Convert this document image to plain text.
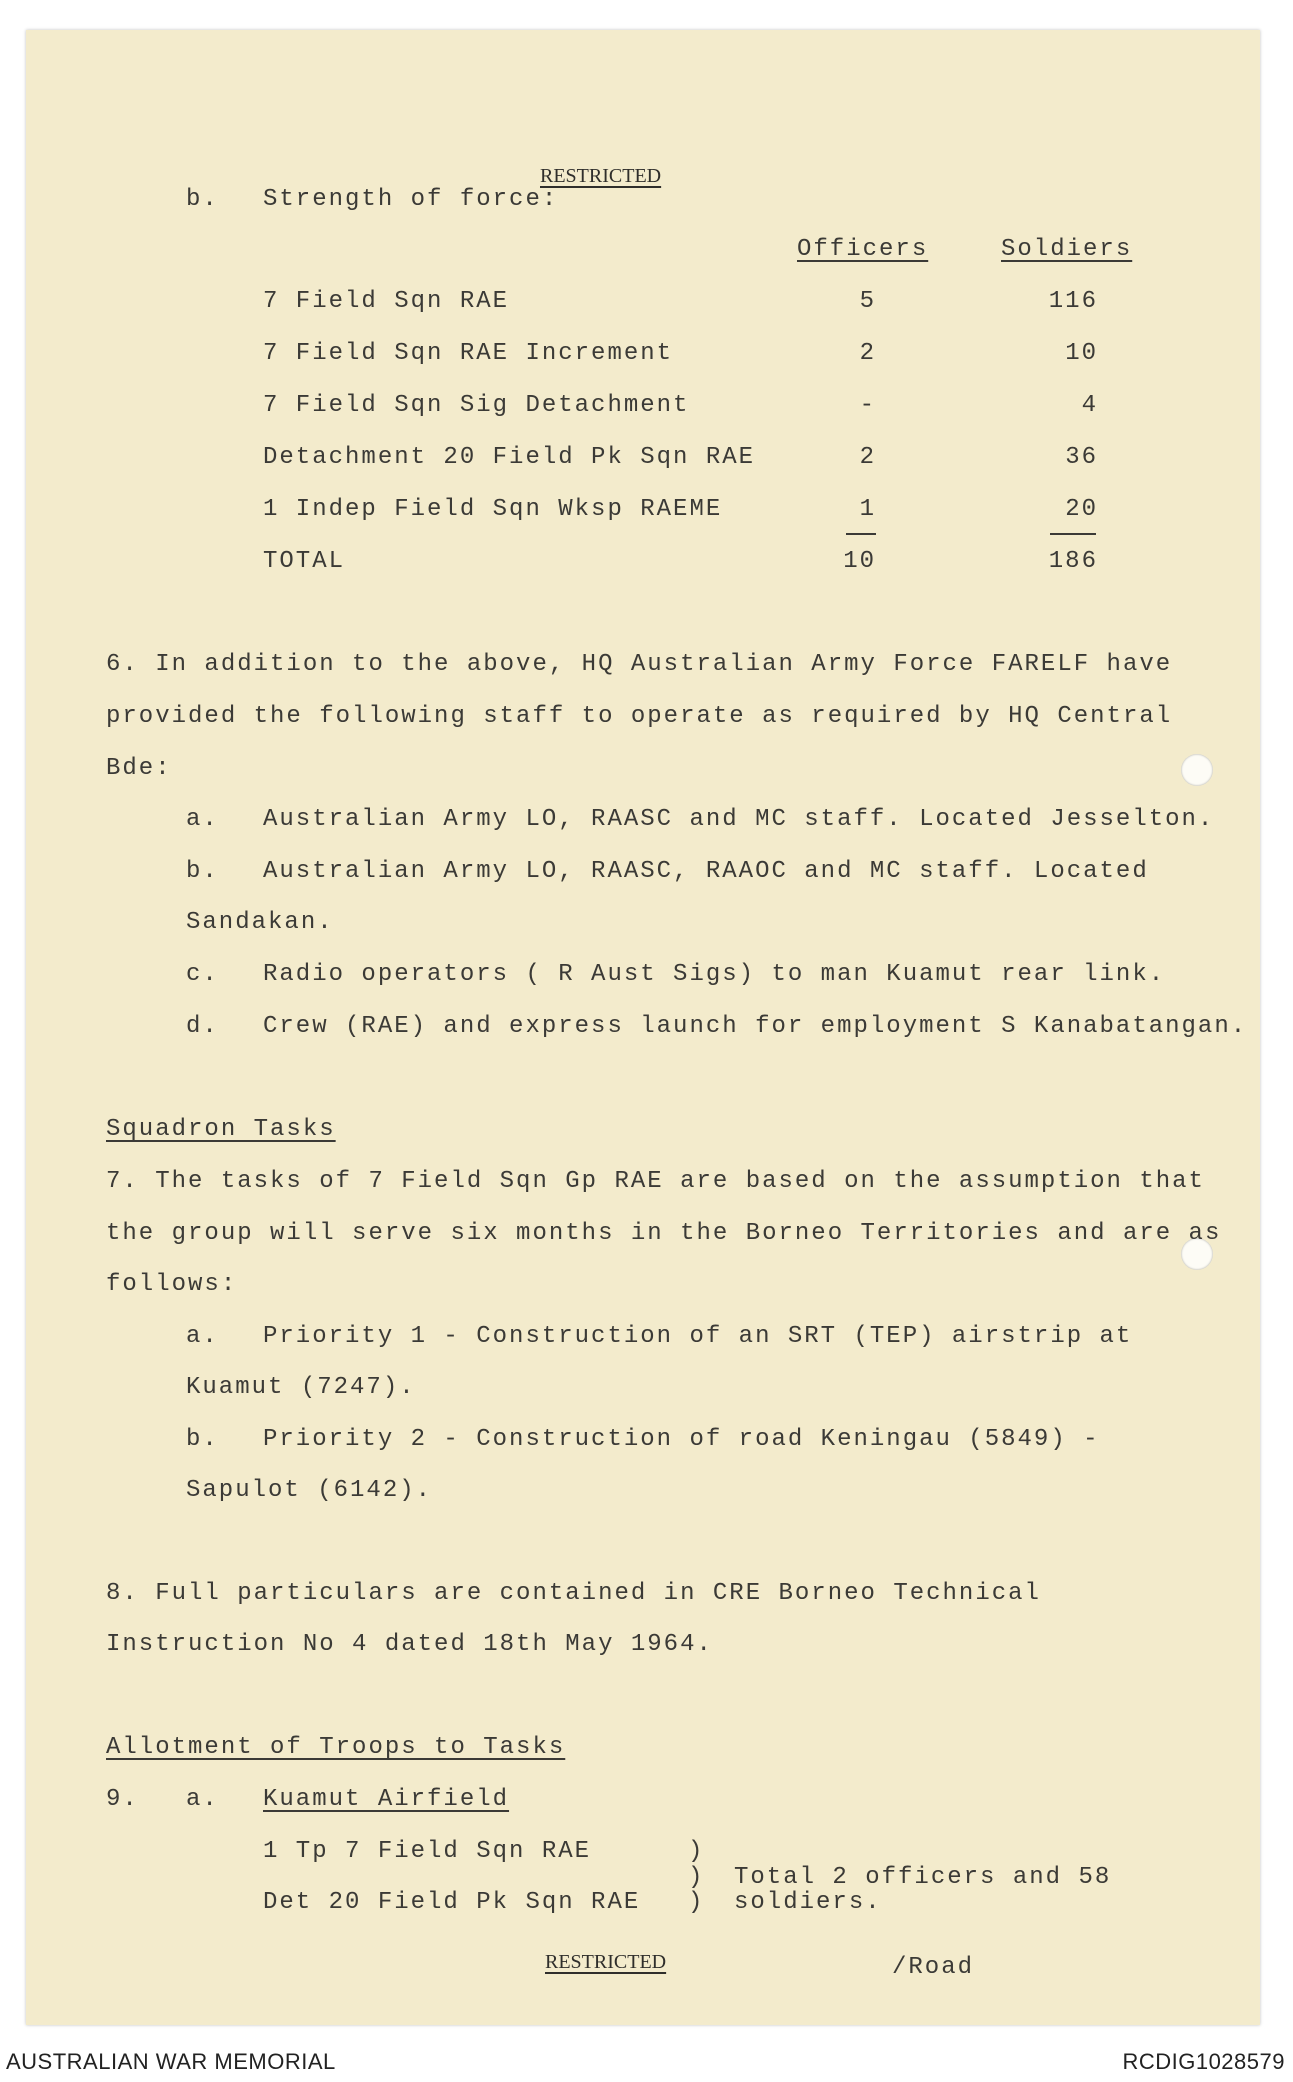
RESTRICTED
b. Strength of force:
Officers	Soldiers
7 Field Sqn RAE	5	116
7 Field Sqn RAE Increment	2	10
7 Field Sqn Sig Detachment	-	4
Detachment 20 Field Pk Sqn RAE	2	36
1 Indep Field Sqn Wksp RAEME	1	20
TOTAL	10	186
6. In addition to the above, HQ Australian Army Force FARELF have
provided the following staff to operate as required by HQ Central
Bde:
a. Australian Army LO, RAASC and MC staff. Located Jesselton.
b. Australian Army LO, RAASC, RAAOC and MC staff. Located
Sandakan.
c. Radio operators ( R Aust Sigs) to man Kuamut rear link.
d. Crew (RAE) and express launch for employment S Kanabatangan.
Squadron Tasks
7. The tasks of 7 Field Sqn Gp RAE are based on the assumption that
the group will serve six months in the Borneo Territories and are as
follows:
a. Priority 1 - Construction of an SRT (TEP) airstrip at
Kuamut (7247).
b. Priority 2 - Construction of road Keningau (5849) -
Sapulot (6142).
8. Full particulars are contained in CRE Borneo Technical
Instruction No 4 dated 18th May 1964.
Allotment of Troops to Tasks
9. a. Kuamut Airfield
1 Tp 7 Field Sqn RAE
Det 20 Field Pk Sqn RAE
)
)
)
Total 2 officers and 58
soldiers.
RESTRICTED	/Road
AUSTRALIAN WAR MEMORIAL	RCDIG1028579
